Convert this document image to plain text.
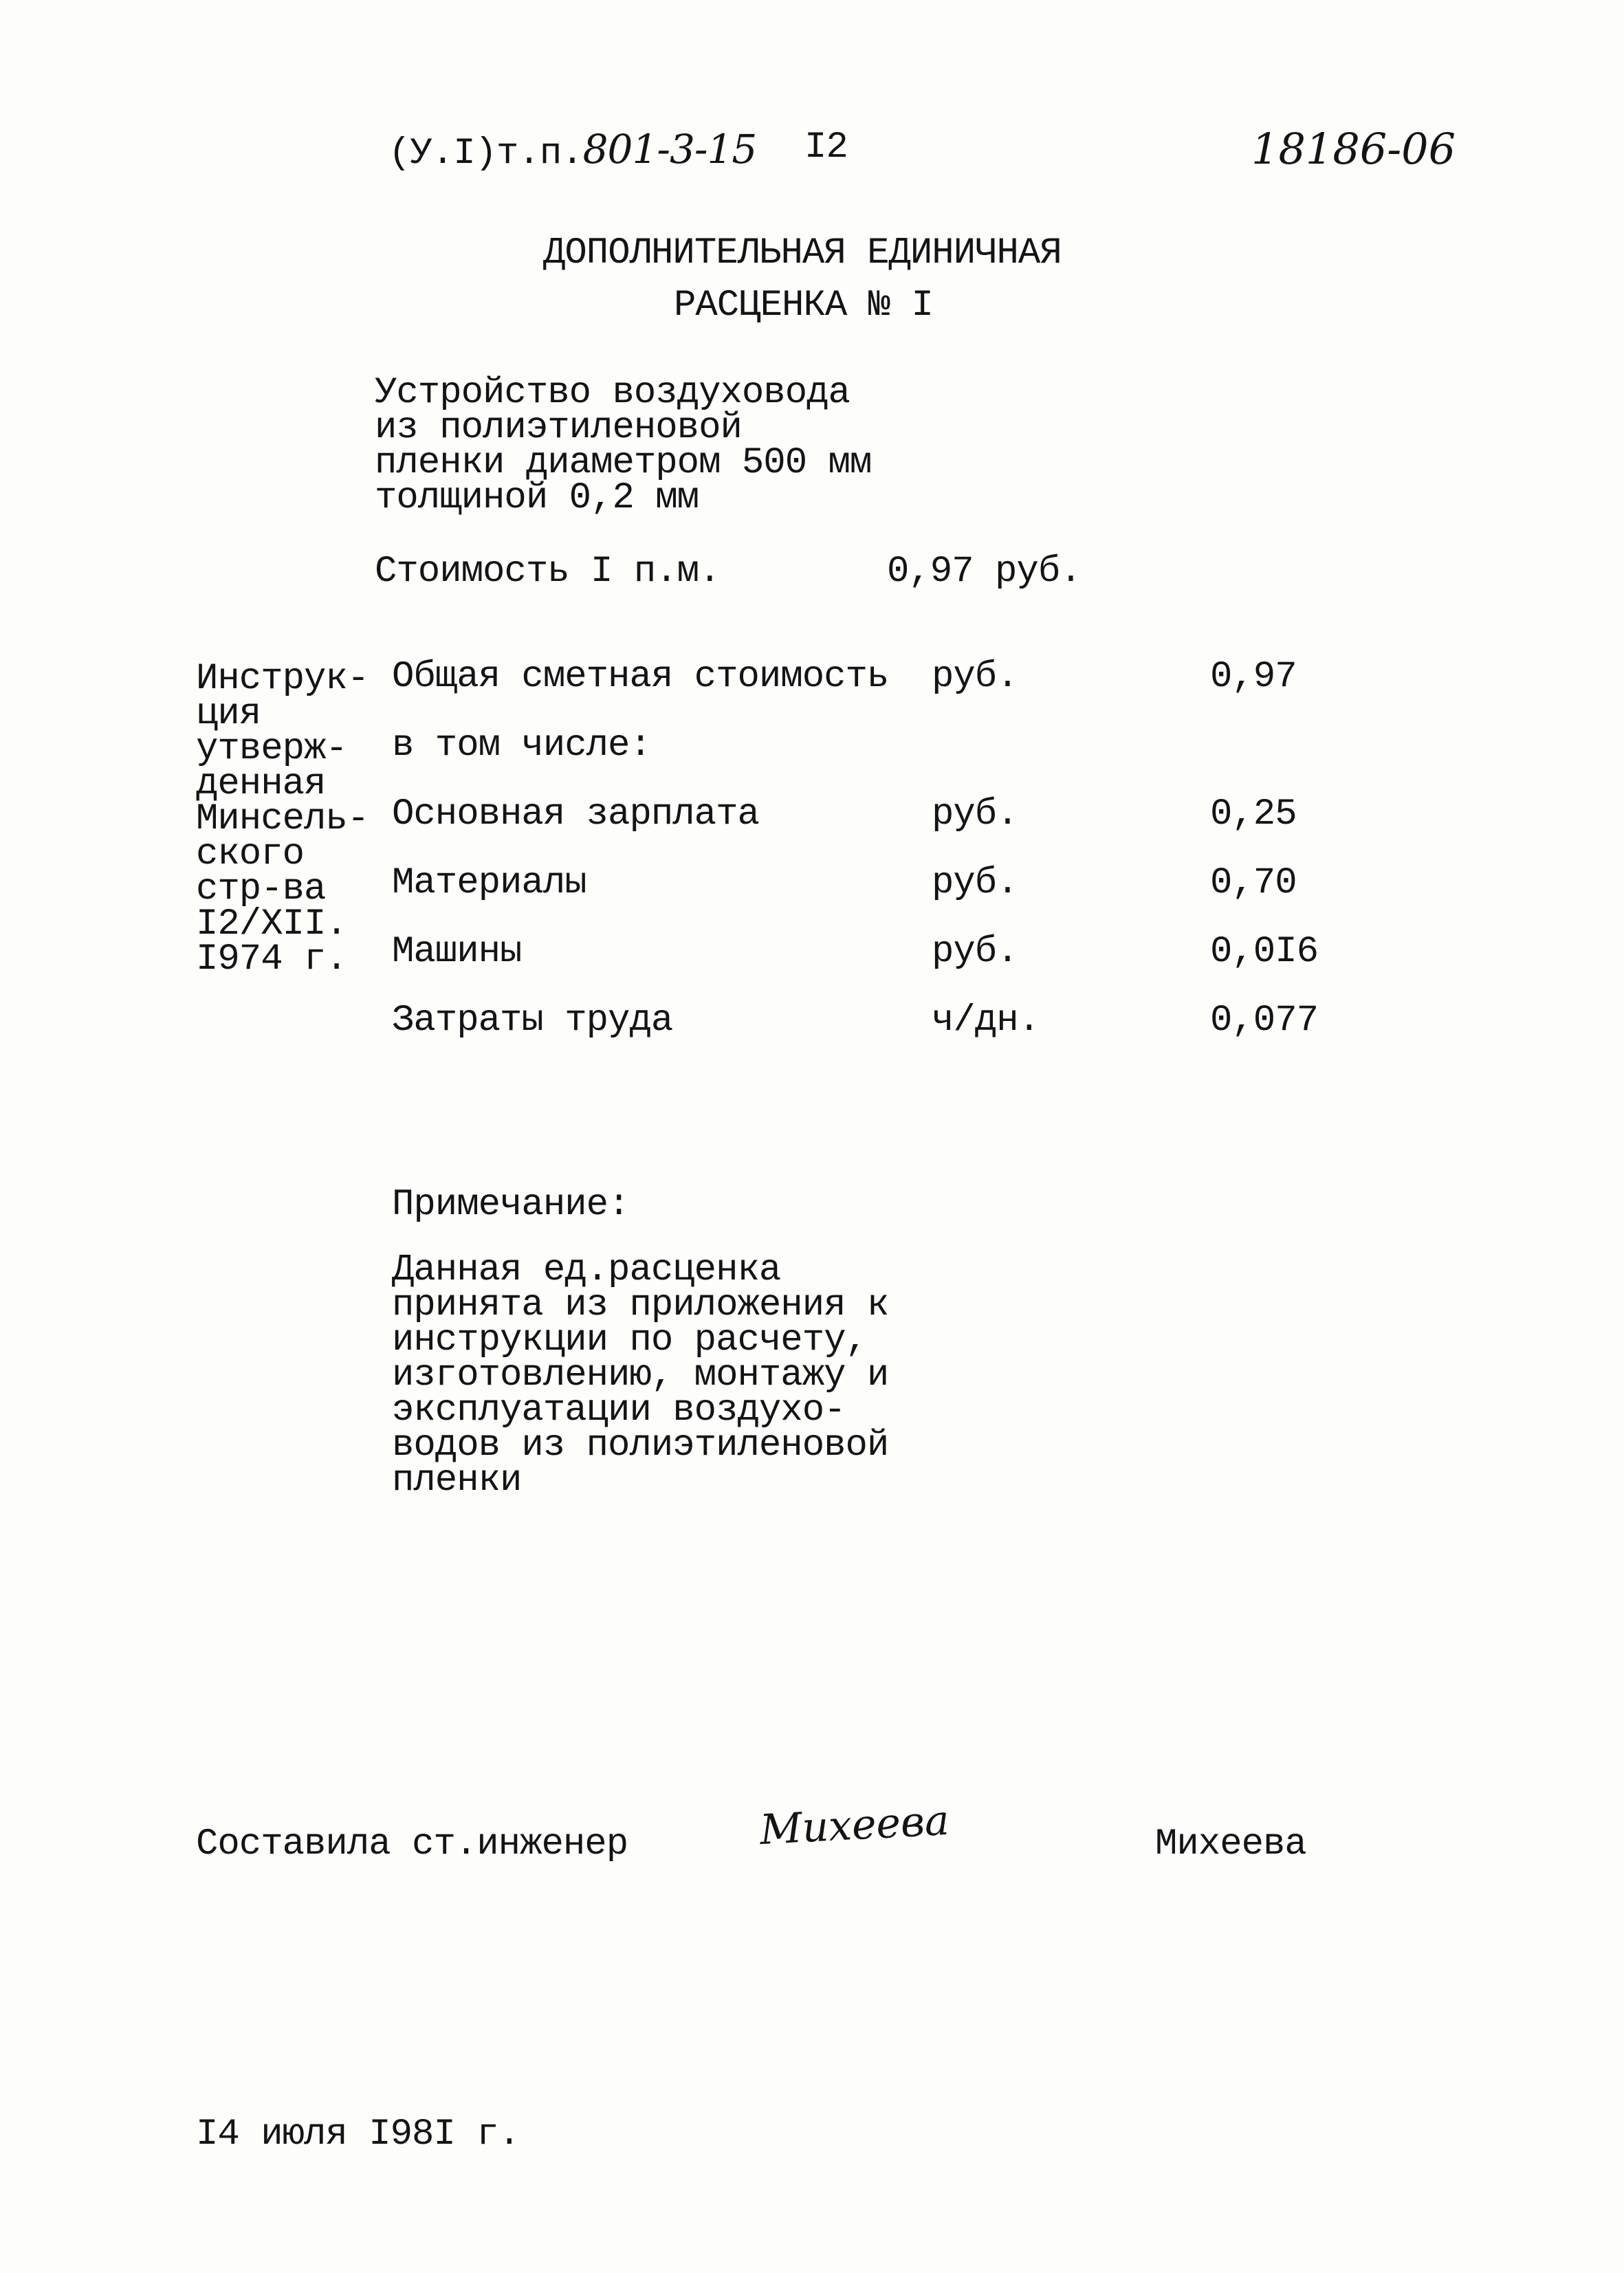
(У.I)т.п.801-3-15 I2	18186-06
ДОПОЛНИТЕЛЬНАЯ ЕДИНИЧНАЯ
РАСЦЕНКА № I
Устройство воздуховода
из полиэтиленовой
пленки диаметром 500 мм
толщиной 0,2 мм
Стоимость I п.м.	0,97 руб.
Инструк-
ция
утверж-
денная
Минсель-
ского
стр-ва
I2/XII.
I974 г.
Общая сметная стоимость руб.	0,97
в том числе:
Основная зарплата	руб.	0,25
Материалы	руб.	0,70
Машины	руб.	0,0I6
Затраты труда	ч/дн.	0,077
Примечание:
Данная ед.расценка
принята из приложения к
инструкции по расчету,
изготовлению, монтажу и
эксплуатации воздухо-
водов из полиэтиленовой
пленки
Составила ст.инженер	Михеева	Михеева
I4 июля I98I г.
